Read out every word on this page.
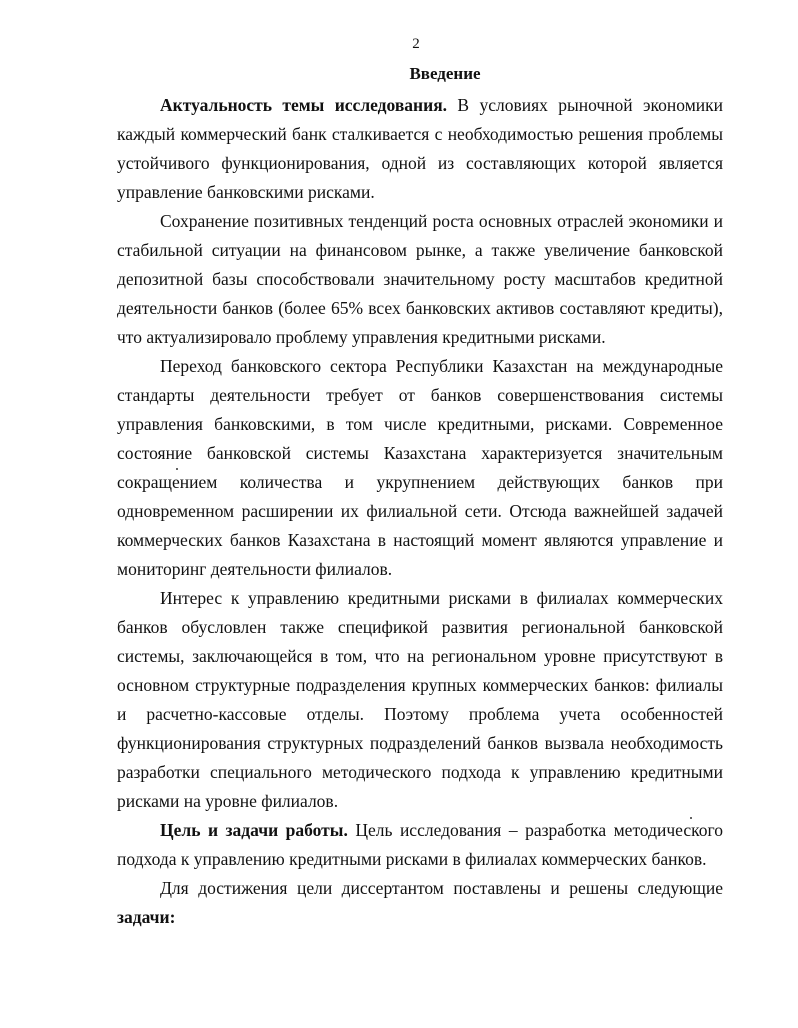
2
Введение

Актуальность темы исследования. В условиях рыночной экономики каждый коммерческий банк сталкивается с необходимостью решения проблемы устойчивого функционирования, одной из составляющих которой является управление банковскими рисками.

Сохранение позитивных тенденций роста основных отраслей экономики и стабильной ситуации на финансовом рынке, а также увеличение банковской депозитной базы способствовали значительному росту масштабов кредитной деятельности банков (более 65% всех банковских активов составляют кредиты), что актуализировало проблему управления кредитными рисками.

Переход банковского сектора Республики Казахстан на международные стандарты деятельности требует от банков совершенствования системы управления банковскими, в том числе кредитными, рисками. Современное состояние банковской системы Казахстана характеризуется значительным сокращением количества и укрупнением действующих банков при одновременном расширении их филиальной сети. Отсюда важнейшей задачей коммерческих банков Казахстана в настоящий момент являются управление и мониторинг деятельности филиалов.

Интерес к управлению кредитными рисками в филиалах коммерческих банков обусловлен также спецификой развития региональной банковской системы, заключающейся в том, что на региональном уровне присутствуют в основном структурные подразделения крупных коммерческих банков: филиалы и расчетно-кассовые отделы. Поэтому проблема учета особенностей функционирования структурных подразделений банков вызвала необходимость разработки специального методического подхода к управлению кредитными рисками на уровне филиалов.

Цель и задачи работы. Цель исследования – разработка методического подхода к управлению кредитными рисками в филиалах коммерческих банков.

Для достижения цели диссертантом поставлены и решены следующие задачи:
